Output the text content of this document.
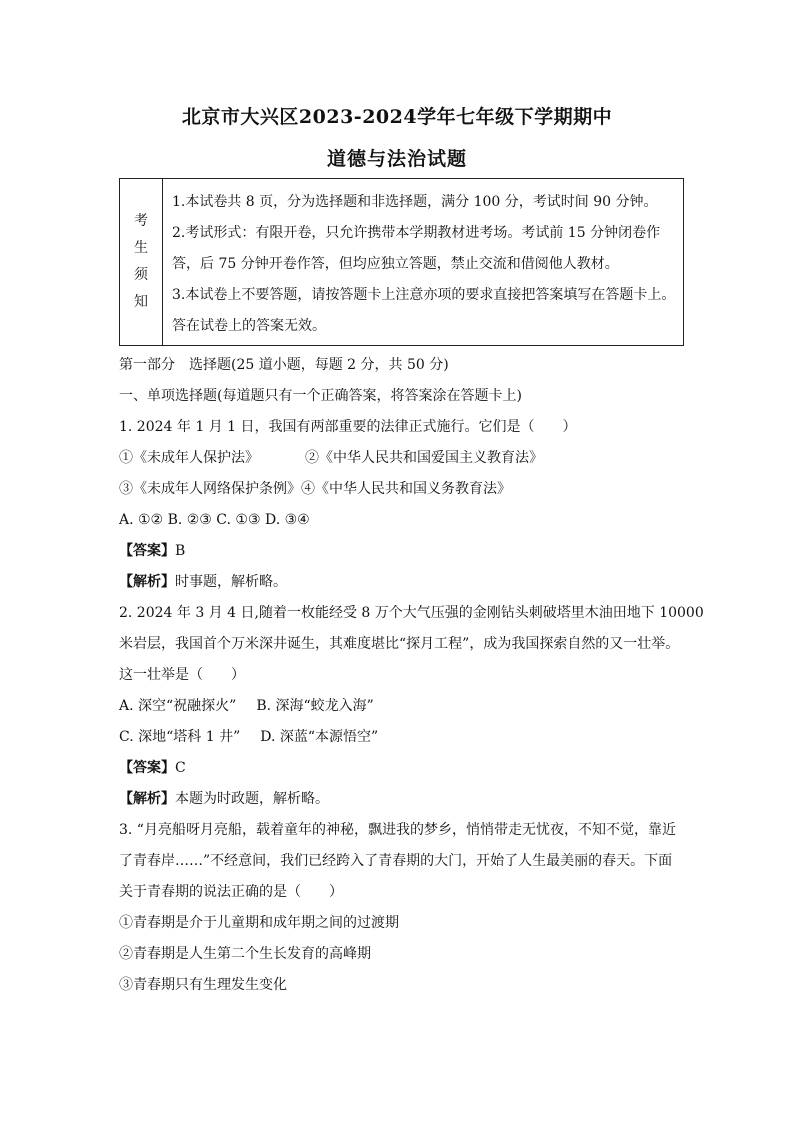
北京市大兴区2023-2024学年七年级下学期期中
道德与法治试题
考
生
须
知
1.本试卷共 8 页，分为选择题和非选择题，满分 100 分，考试时间 90 分钟。
2.考试形式：有限开卷，只允许携带本学期教材进考场。考试前 15 分钟闭卷作
答，后 75 分钟开卷作答，但均应独立答题，禁止交流和借阅他人教材。
3.本试卷上不要答题，请按答题卡上注意亦项的要求直接把答案填写在答题卡上。
答在试卷上的答案无效。
第一部分　选择题(25 道小题，每题 2 分，共 50 分)
一、单项选择题(每道题只有一个正确答案，将答案涂在答题卡上)
1. 2024 年 1 月 1 日，我国有两部重要的法律正式施行。它们是（　　）
①《未成年人保护法》	②《中华人民共和国爱国主义教育法》
③《未成年人网络保护条例》④《中华人民共和国义务教育法》
A. ①② B. ②③ C. ①③ D. ③④
【答案】B
【解析】时事题，解析略。
2. 2024 年 3 月 4 日,随着一枚能经受 8 万个大气压强的金刚钻头刺破塔里木油田地下 10000
米岩层，我国首个万米深井诞生，其难度堪比“探月工程”，成为我国探索自然的又一壮举。
这一壮举是（　　）
A. 深空“祝融探火” B. 深海“蛟龙入海”
C. 深地“塔科 1 井” D. 深蓝“本源悟空”
【答案】C
【解析】本题为时政题，解析略。
3. “月亮船呀月亮船，载着童年的神秘，飘进我的梦乡，悄悄带走无忧夜，不知不觉，靠近
了青春岸……”不经意间，我们已经跨入了青春期的大门，开始了人生最美丽的春天。下面
关于青春期的说法正确的是（　　）
①青春期是介于儿童期和成年期之间的过渡期
②青春期是人生第二个生长发育的高峰期
③青春期只有生理发生变化
